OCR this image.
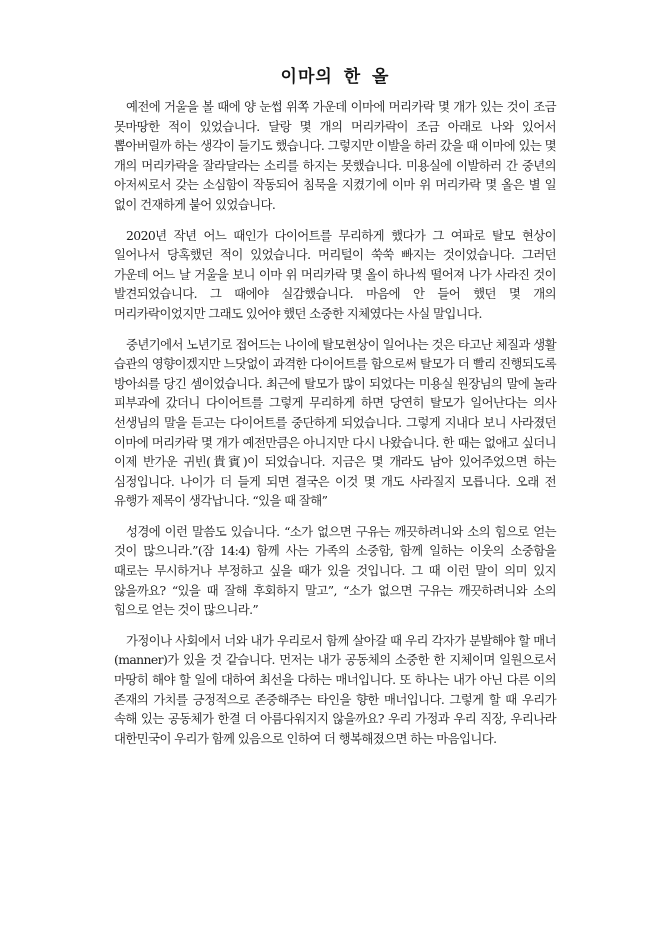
이마의 한 올

예전에 거울을 볼 때에 양 눈썹 위쪽 가운데 이마에 머리카락 몇 개가 있는 것이 조금 못마땅한 적이 있었습니다. 달랑 몇 개의 머리카락이 조금 아래로 나와 있어서 뽑아버릴까 하는 생각이 들기도 했습니다. 그렇지만 이발을 하러 갔을 때 이마에 있는 몇 개의 머리카락을 잘라달라는 소리를 하지는 못했습니다. 미용실에 이발하러 간 중년의 아저씨로서 갖는 소심함이 작동되어 침묵을 지켰기에 이마 위 머리카락 몇 올은 별 일 없이 건재하게 붙어 있었습니다.

2020년 작년 어느 때인가 다이어트를 무리하게 했다가 그 여파로 탈모 현상이 일어나서 당혹했던 적이 있었습니다. 머리털이 쑥쑥 빠지는 것이었습니다. 그러던 가운데 어느 날 거울을 보니 이마 위 머리카락 몇 올이 하나씩 떨어져 나가 사라진 것이 발견되었습니다. 그 때에야 실감했습니다. 마음에 안 들어 했던 몇 개의 머리카락이었지만 그래도 있어야 했던 소중한 지체였다는 사실 말입니다.

중년기에서 노년기로 접어드는 나이에 탈모현상이 일어나는 것은 타고난 체질과 생활 습관의 영향이겠지만 느닷없이 과격한 다이어트를 함으로써 탈모가 더 빨리 진행되도록 방아쇠를 당긴 셈이었습니다. 최근에 탈모가 많이 되었다는 미용실 원장님의 말에 놀라 피부과에 갔더니 다이어트를 그렇게 무리하게 하면 당연히 탈모가 일어난다는 의사 선생님의 말을 듣고는 다이어트를 중단하게 되었습니다. 그렇게 지내다 보니 사라졌던 이마에 머리카락 몇 개가 예전만큼은 아니지만 다시 나왔습니다. 한 때는 없애고 싶더니 이제 반가운 귀빈(貴賓)이 되었습니다. 지금은 몇 개라도 남아 있어주었으면 하는 심정입니다. 나이가 더 들게 되면 결국은 이것 몇 개도 사라질지 모릅니다. 오래 전 유행가 제목이 생각납니다. “있을 때 잘해”

성경에 이런 말씀도 있습니다. “소가 없으면 구유는 깨끗하려니와 소의 힘으로 얻는 것이 많으니라.”(잠 14:4) 함께 사는 가족의 소중함, 함께 일하는 이웃의 소중함을 때로는 무시하거나 부정하고 싶을 때가 있을 것입니다. 그 때 이런 말이 의미 있지 않을까요? “있을 때 잘해 후회하지 말고”, “소가 없으면 구유는 깨끗하려니와 소의 힘으로 얻는 것이 많으니라.”

가정이나 사회에서 너와 내가 우리로서 함께 살아갈 때 우리 각자가 분발해야 할 매너(manner)가 있을 것 같습니다. 먼저는 내가 공동체의 소중한 한 지체이며 일원으로서 마땅히 해야 할 일에 대하여 최선을 다하는 매너입니다. 또 하나는 내가 아닌 다른 이의 존재의 가치를 긍정적으로 존중해주는 타인을 향한 매너입니다. 그렇게 할 때 우리가 속해 있는 공동체가 한결 더 아름다워지지 않을까요? 우리 가정과 우리 직장, 우리나라 대한민국이 우리가 함께 있음으로 인하여 더 행복해졌으면 하는 마음입니다.
